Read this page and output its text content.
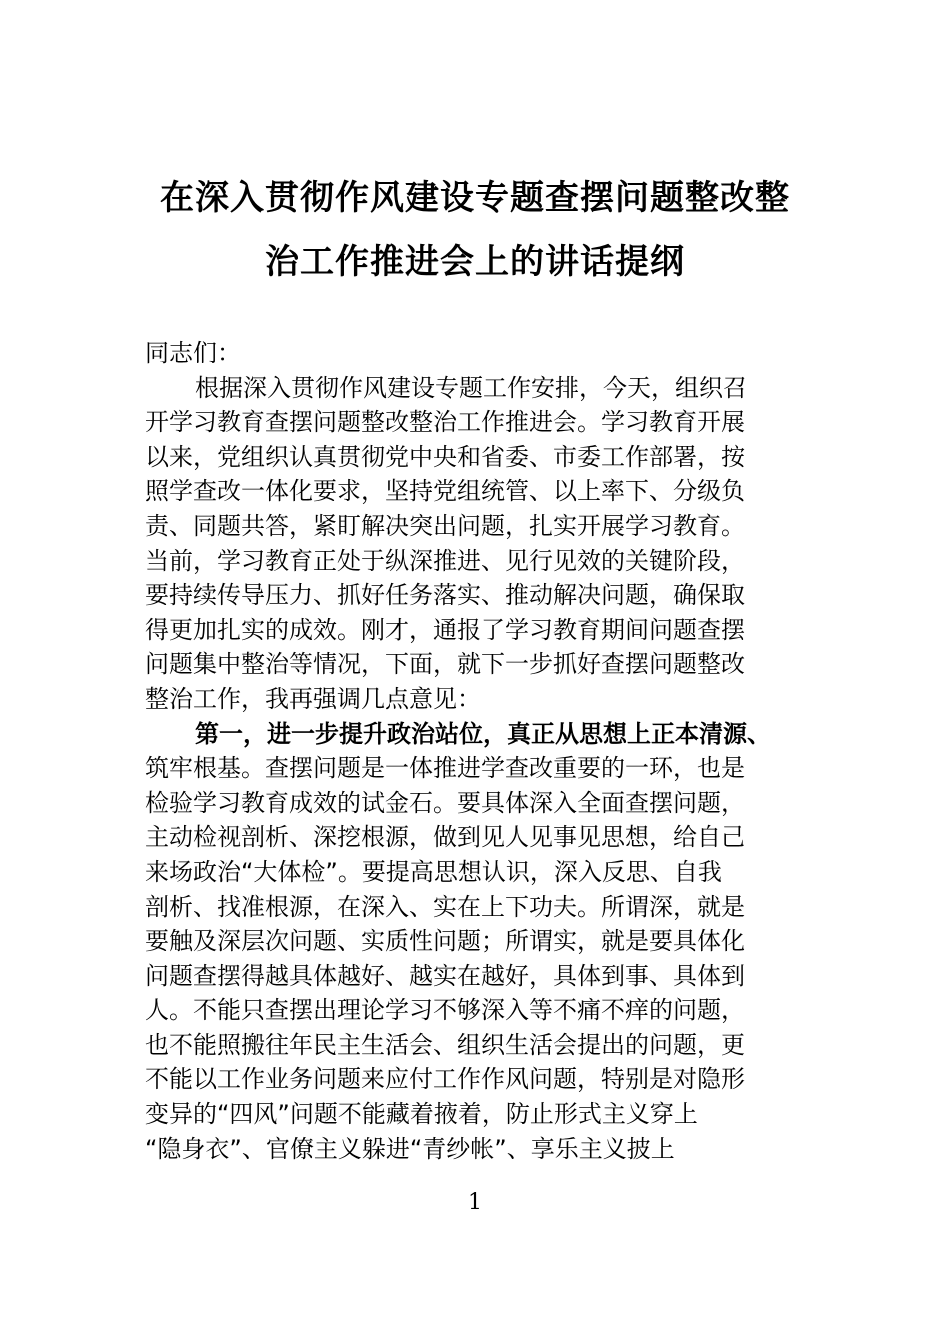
在深入贯彻作风建设专题查摆问题整改整
治工作推进会上的讲话提纲
同志们：
根据深入贯彻作风建设专题工作安排，今天，组织召
开学习教育查摆问题整改整治工作推进会。学习教育开展
以来，党组织认真贯彻党中央和省委、市委工作部署，按
照学查改一体化要求，坚持党组统管、以上率下、分级负
责、同题共答，紧盯解决突出问题，扎实开展学习教育。
当前，学习教育正处于纵深推进、见行见效的关键阶段，
要持续传导压力、抓好任务落实、推动解决问题，确保取
得更加扎实的成效。刚才，通报了学习教育期间问题查摆
问题集中整治等情况，下面，就下一步抓好查摆问题整改
整治工作，我再强调几点意见：
第一，进一步提升政治站位，真正从思想上正本清源、
筑牢根基。查摆问题是一体推进学查改重要的一环，也是
检验学习教育成效的试金石。要具体深入全面查摆问题，
主动检视剖析、深挖根源，做到见人见事见思想，给自己
来场政治“大体检”。要提高思想认识，深入反思、自我
剖析、找准根源，在深入、实在上下功夫。所谓深，就是
要触及深层次问题、实质性问题；所谓实，就是要具体化
问题查摆得越具体越好、越实在越好，具体到事、具体到
人。不能只查摆出理论学习不够深入等不痛不痒的问题，
也不能照搬往年民主生活会、组织生活会提出的问题，更
不能以工作业务问题来应付工作作风问题，特别是对隐形
变异的“四风”问题不能藏着掖着，防止形式主义穿上
“隐身衣”、官僚主义躲进“青纱帐”、享乐主义披上
1
